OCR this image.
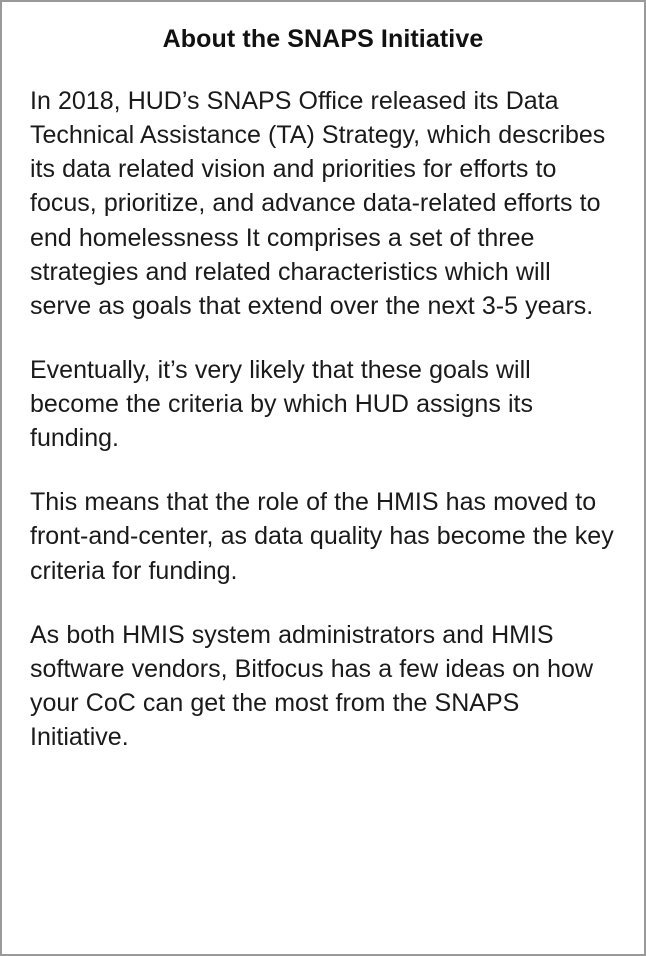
About the SNAPS Initiative

In 2018, HUD’s SNAPS Office released its Data Technical Assistance (TA) Strategy, which describes its data related vision and priorities for efforts to focus, prioritize, and advance data-related efforts to end homelessness It comprises a set of three strategies and related characteristics which will serve as goals that extend over the next 3-5 years.

Eventually, it’s very likely that these goals will become the criteria by which HUD assigns its funding.

This means that the role of the HMIS has moved to front-and-center, as data quality has become the key criteria for funding.

As both HMIS system administrators and HMIS software vendors, Bitfocus has a few ideas on how your CoC can get the most from the SNAPS Initiative.
